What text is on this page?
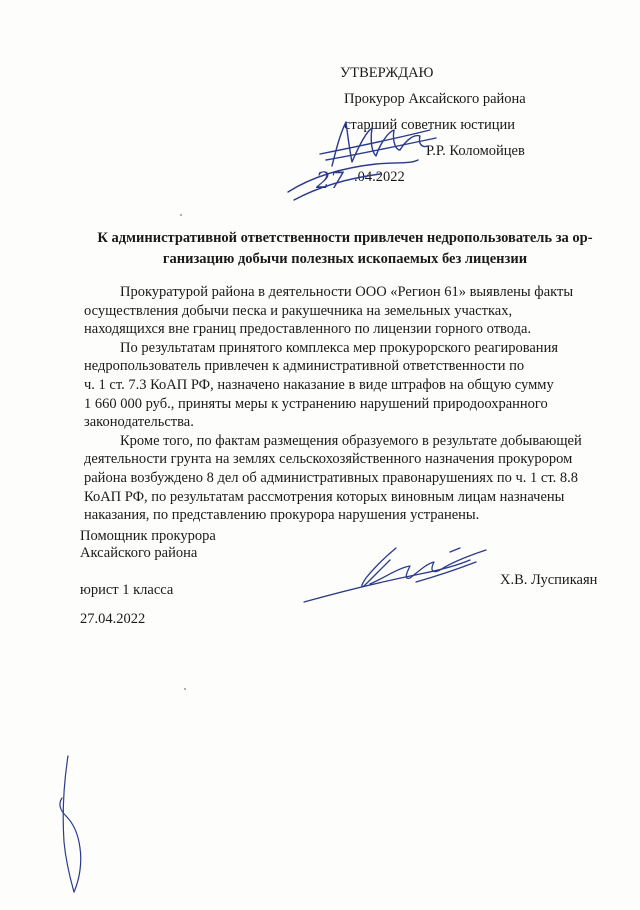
УТВЕРЖДАЮ
Прокурор Аксайского района
старший советник юстиции
Р.Р. Коломойцев
.04.2022
27
К административной ответственности привлечен недропользователь за ор-
ганизацию добычи полезных ископаемых без лицензии

Прокуратурой района в деятельности ООО «Регион 61» выявлены факты

осуществления добычи песка и ракушечника на земельных участках,

находящихся вне границ предоставленного по лицензии горного отвода.

По результатам принятого комплекса мер прокурорского реагирования

недропользователь привлечен к административной ответственности по

ч. 1 ст. 7.3 КоАП РФ, назначено наказание в виде штрафов на общую сумму

1 660 000 руб., приняты меры к устранению нарушений природоохранного

законодательства.

Кроме того, по фактам размещения образуемого в результате добывающей

деятельности грунта на землях сельскохозяйственного назначения прокурором

района возбуждено 8 дел об административных правонарушениях по ч. 1 ст. 8.8

КоАП РФ, по результатам рассмотрения которых виновным лицам назначены

наказания, по представлению прокурора нарушения устранены.

Помощник прокурора
Аксайского района
юрист 1 класса
27.04.2022
Х.В. Луспикаян
